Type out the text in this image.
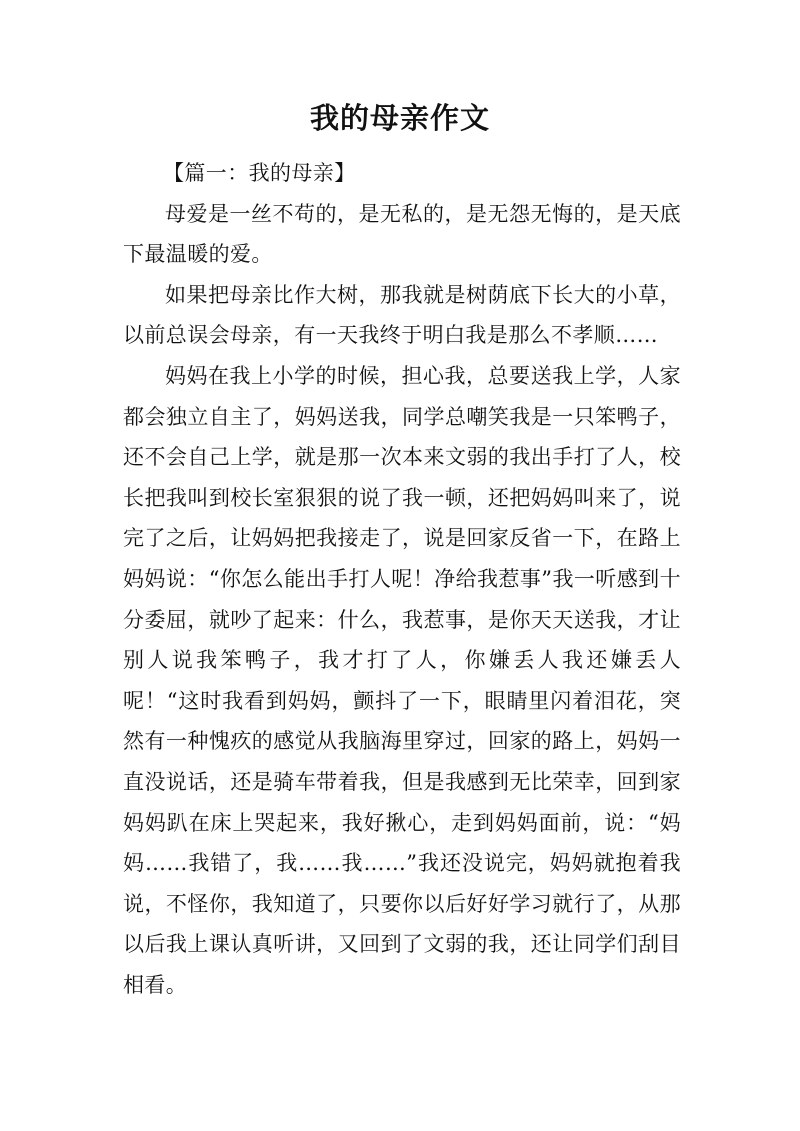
我的母亲作文

【篇一：我的母亲】

母爱是一丝不苟的，是无私的，是无怨无悔的，是天底下最温暖的爱。

如果把母亲比作大树，那我就是树荫底下长大的小草，以前总误会母亲，有一天我终于明白我是那么不孝顺……

妈妈在我上小学的时候，担心我，总要送我上学，人家都会独立自主了，妈妈送我，同学总嘲笑我是一只笨鸭子，还不会自己上学，就是那一次本来文弱的我出手打了人，校长把我叫到校长室狠狠的说了我一顿，还把妈妈叫来了，说完了之后，让妈妈把我接走了，说是回家反省一下，在路上妈妈说：“你怎么能出手打人呢！净给我惹事”我一听感到十分委屈，就吵了起来：什么，我惹事，是你天天送我，才让别人说我笨鸭子，我才打了人，你嫌丢人我还嫌丢人呢！“这时我看到妈妈，颤抖了一下，眼睛里闪着泪花，突然有一种愧疚的感觉从我脑海里穿过，回家的路上，妈妈一直没说话，还是骑车带着我，但是我感到无比荣幸，回到家妈妈趴在床上哭起来，我好揪心，走到妈妈面前，说：“妈妈……我错了，我……我……”我还没说完，妈妈就抱着我说，不怪你，我知道了，只要你以后好好学习就行了，从那以后我上课认真听讲，又回到了文弱的我，还让同学们刮目相看。
